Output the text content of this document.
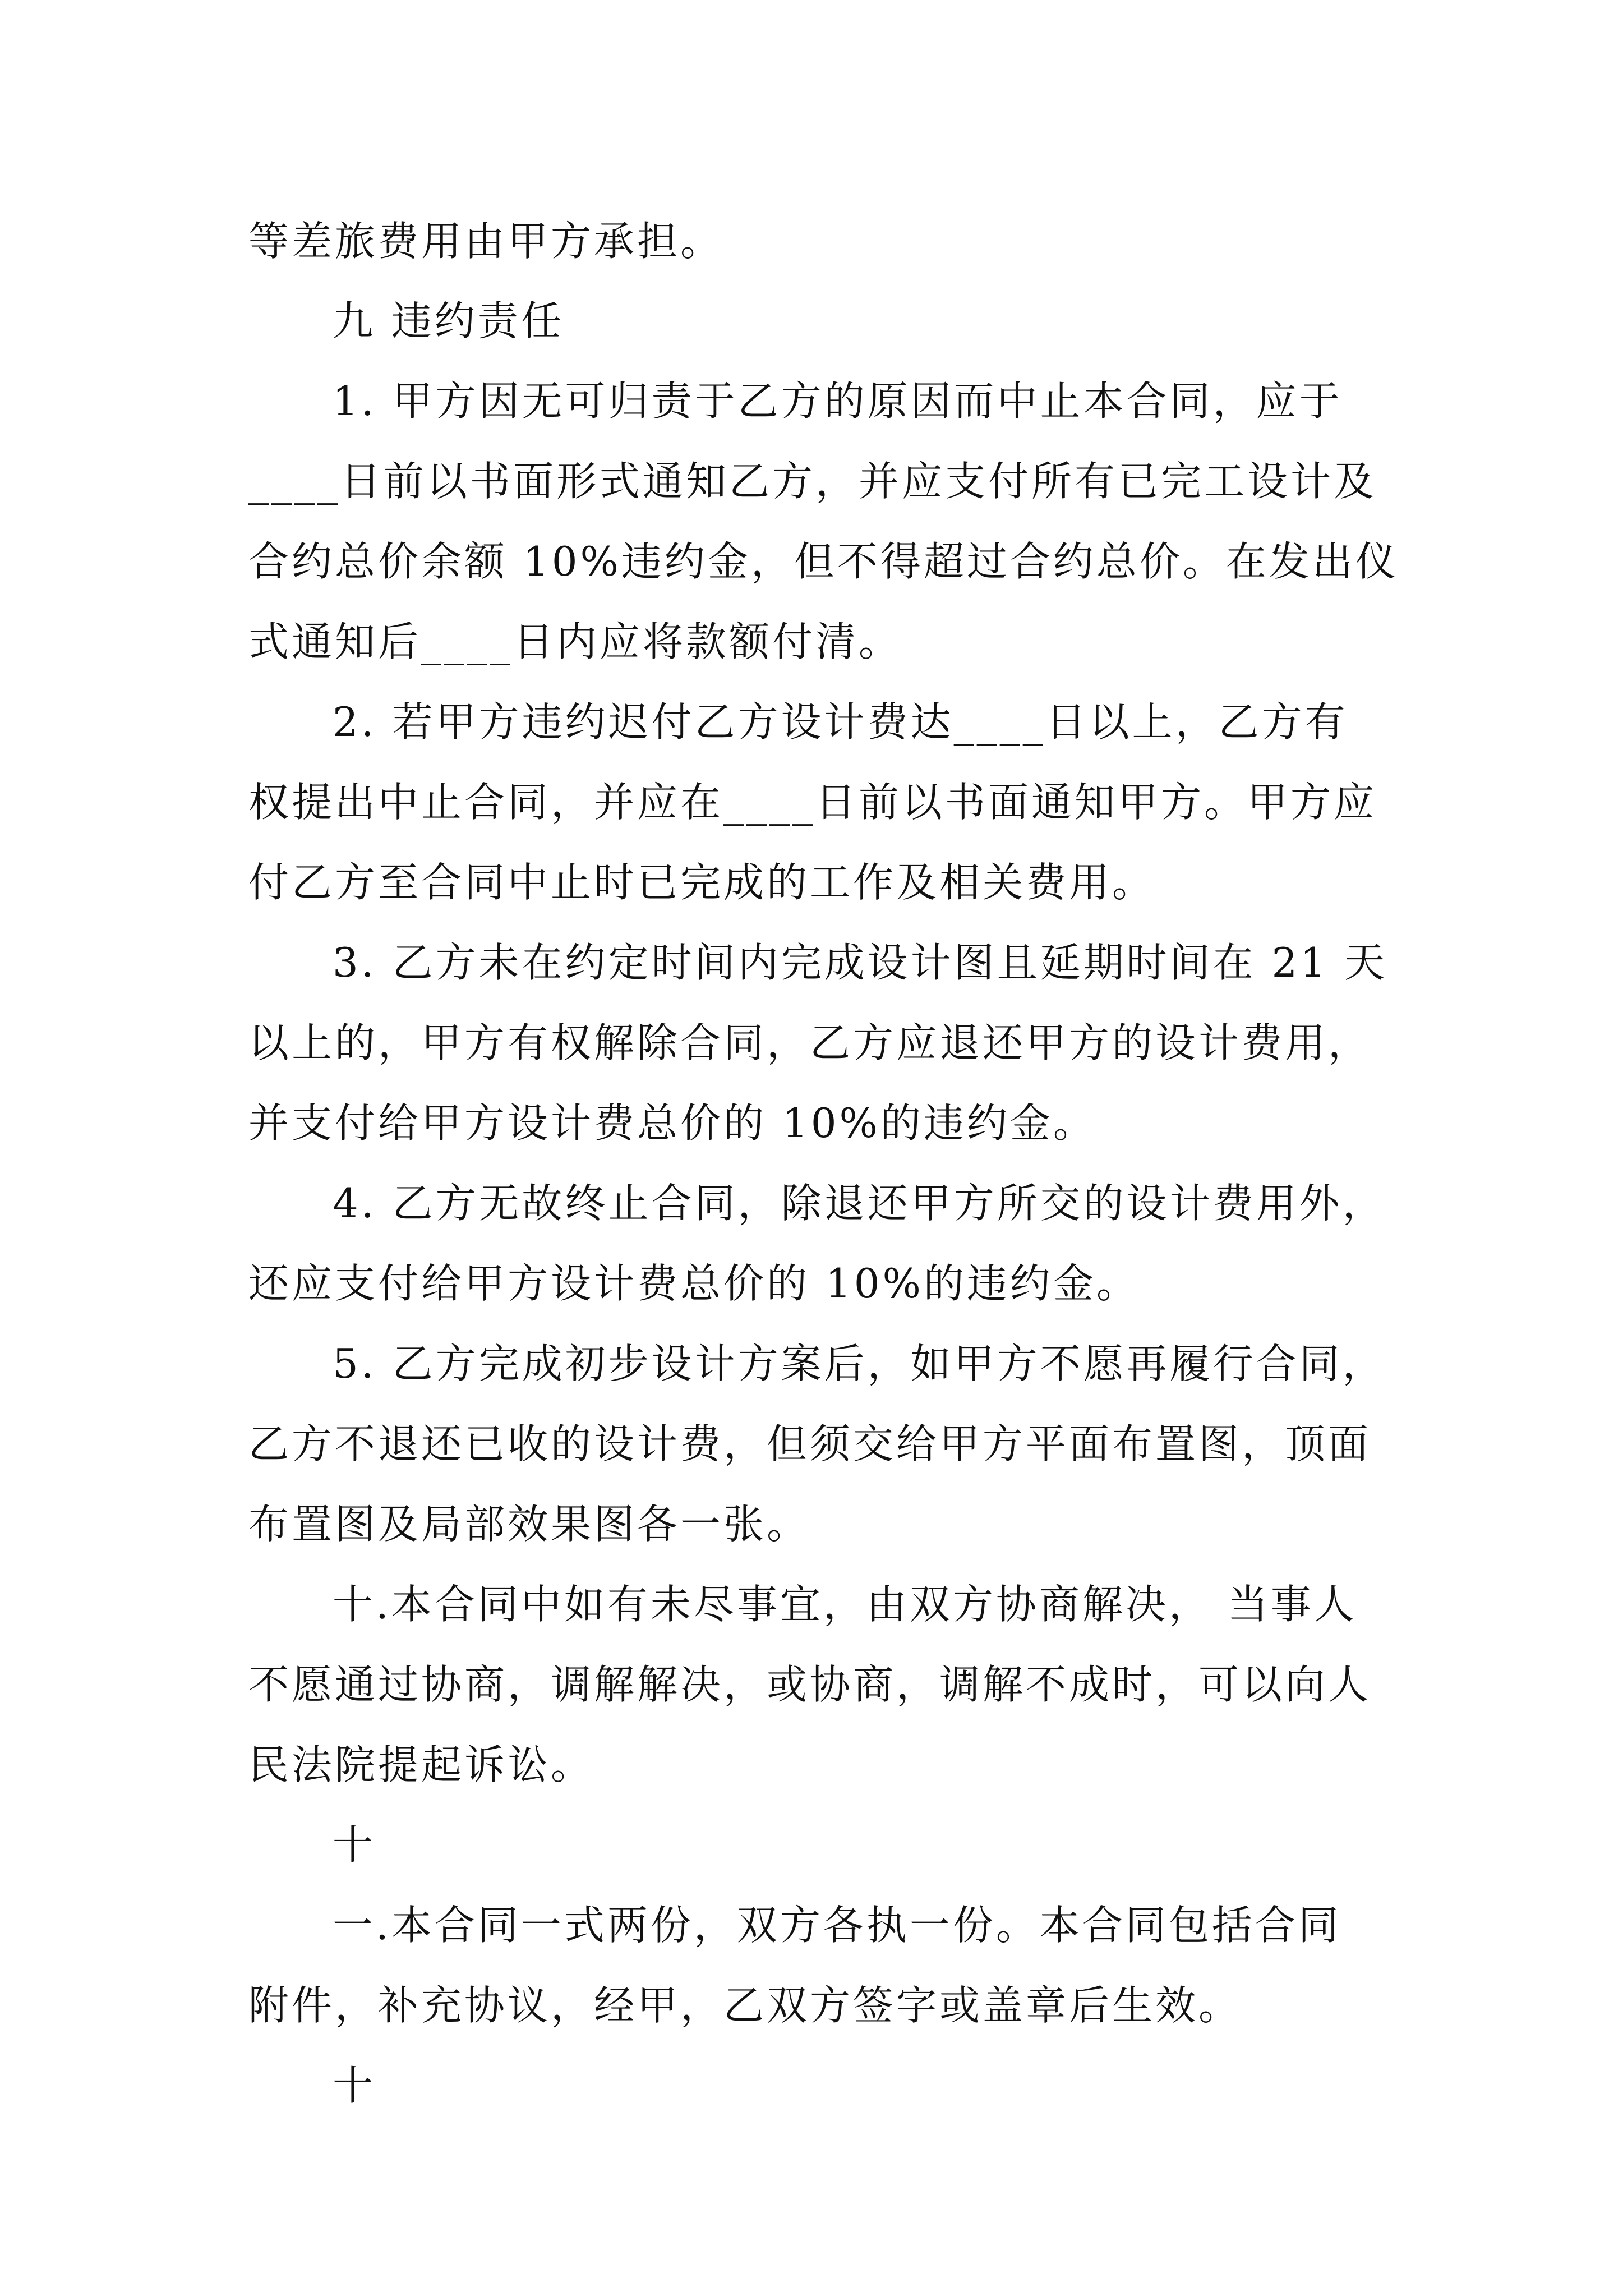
等差旅费用由甲方承担。
九 违约责任
1. 甲方因无可归责于乙方的原因而中止本合同，应于
____日前以书面形式通知乙方，并应支付所有已完工设计及
合约总价余额 10%违约金，但不得超过合约总价。在发出仪
式通知后____日内应将款额付清。
2. 若甲方违约迟付乙方设计费达____日以上，乙方有
权提出中止合同，并应在____日前以书面通知甲方。甲方应
付乙方至合同中止时已完成的工作及相关费用。
3. 乙方未在约定时间内完成设计图且延期时间在 21 天
以上的，甲方有权解除合同，乙方应退还甲方的设计费用，
并支付给甲方设计费总价的 10%的违约金。
4. 乙方无故终止合同，除退还甲方所交的设计费用外，
还应支付给甲方设计费总价的 10%的违约金。
5. 乙方完成初步设计方案后，如甲方不愿再履行合同，
乙方不退还已收的设计费，但须交给甲方平面布置图，顶面
布置图及局部效果图各一张。
十.本合同中如有未尽事宜，由双方协商解决， 当事人
不愿通过协商，调解解决，或协商，调解不成时，可以向人
民法院提起诉讼。
十
一.本合同一式两份，双方各执一份。本合同包括合同
附件，补充协议，经甲，乙双方签字或盖章后生效。
十
